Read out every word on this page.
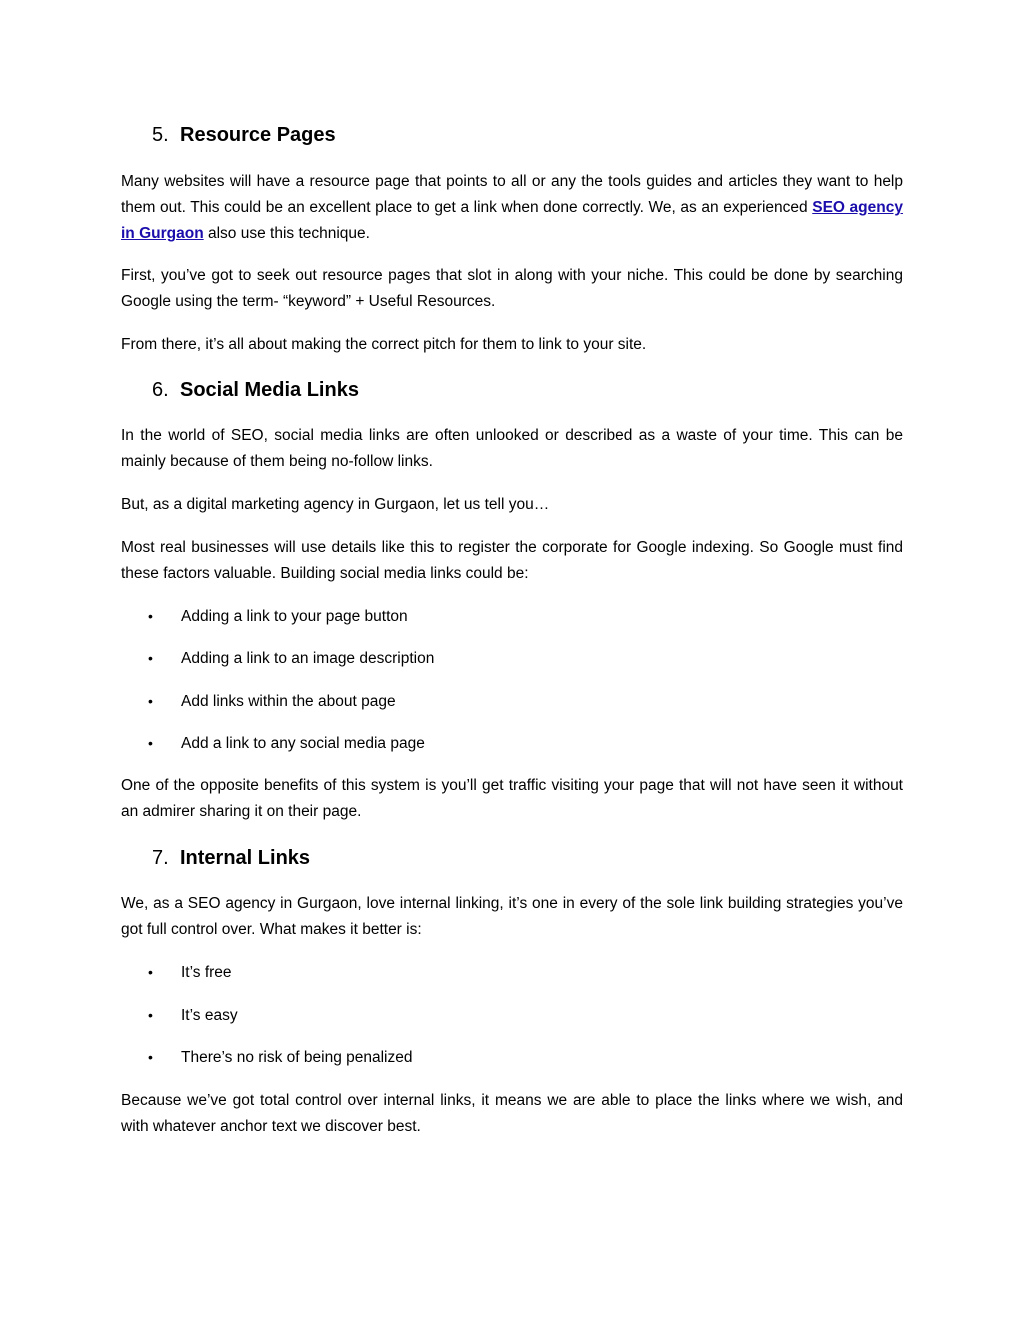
5. Resource Pages
Many websites will have a resource page that points to all or any the tools guides and articles they want to help them out. This could be an excellent place to get a link when done correctly. We, as an experienced SEO agency in Gurgaon also use this technique.
First, you’ve got to seek out resource pages that slot in along with your niche. This could be done by searching Google using the term- “keyword” + Useful Resources.
From there, it’s all about making the correct pitch for them to link to your site.
6. Social Media Links
In the world of SEO, social media links are often unlooked or described as a waste of your time. This can be mainly because of them being no-follow links.
But, as a digital marketing agency in Gurgaon, let us tell you…
Most real businesses will use details like this to register the corporate for Google indexing. So Google must find these factors valuable. Building social media links could be:
• Adding a link to your page button
• Adding a link to an image description
• Add links within the about page
• Add a link to any social media page
One of the opposite benefits of this system is you’ll get traffic visiting your page that will not have seen it without an admirer sharing it on their page.
7. Internal Links
We, as a SEO agency in Gurgaon, love internal linking, it’s one in every of the sole link building strategies you’ve got full control over. What makes it better is:
• It’s free
• It’s easy
• There’s no risk of being penalized
Because we’ve got total control over internal links, it means we are able to place the links where we wish, and with whatever anchor text we discover best.
